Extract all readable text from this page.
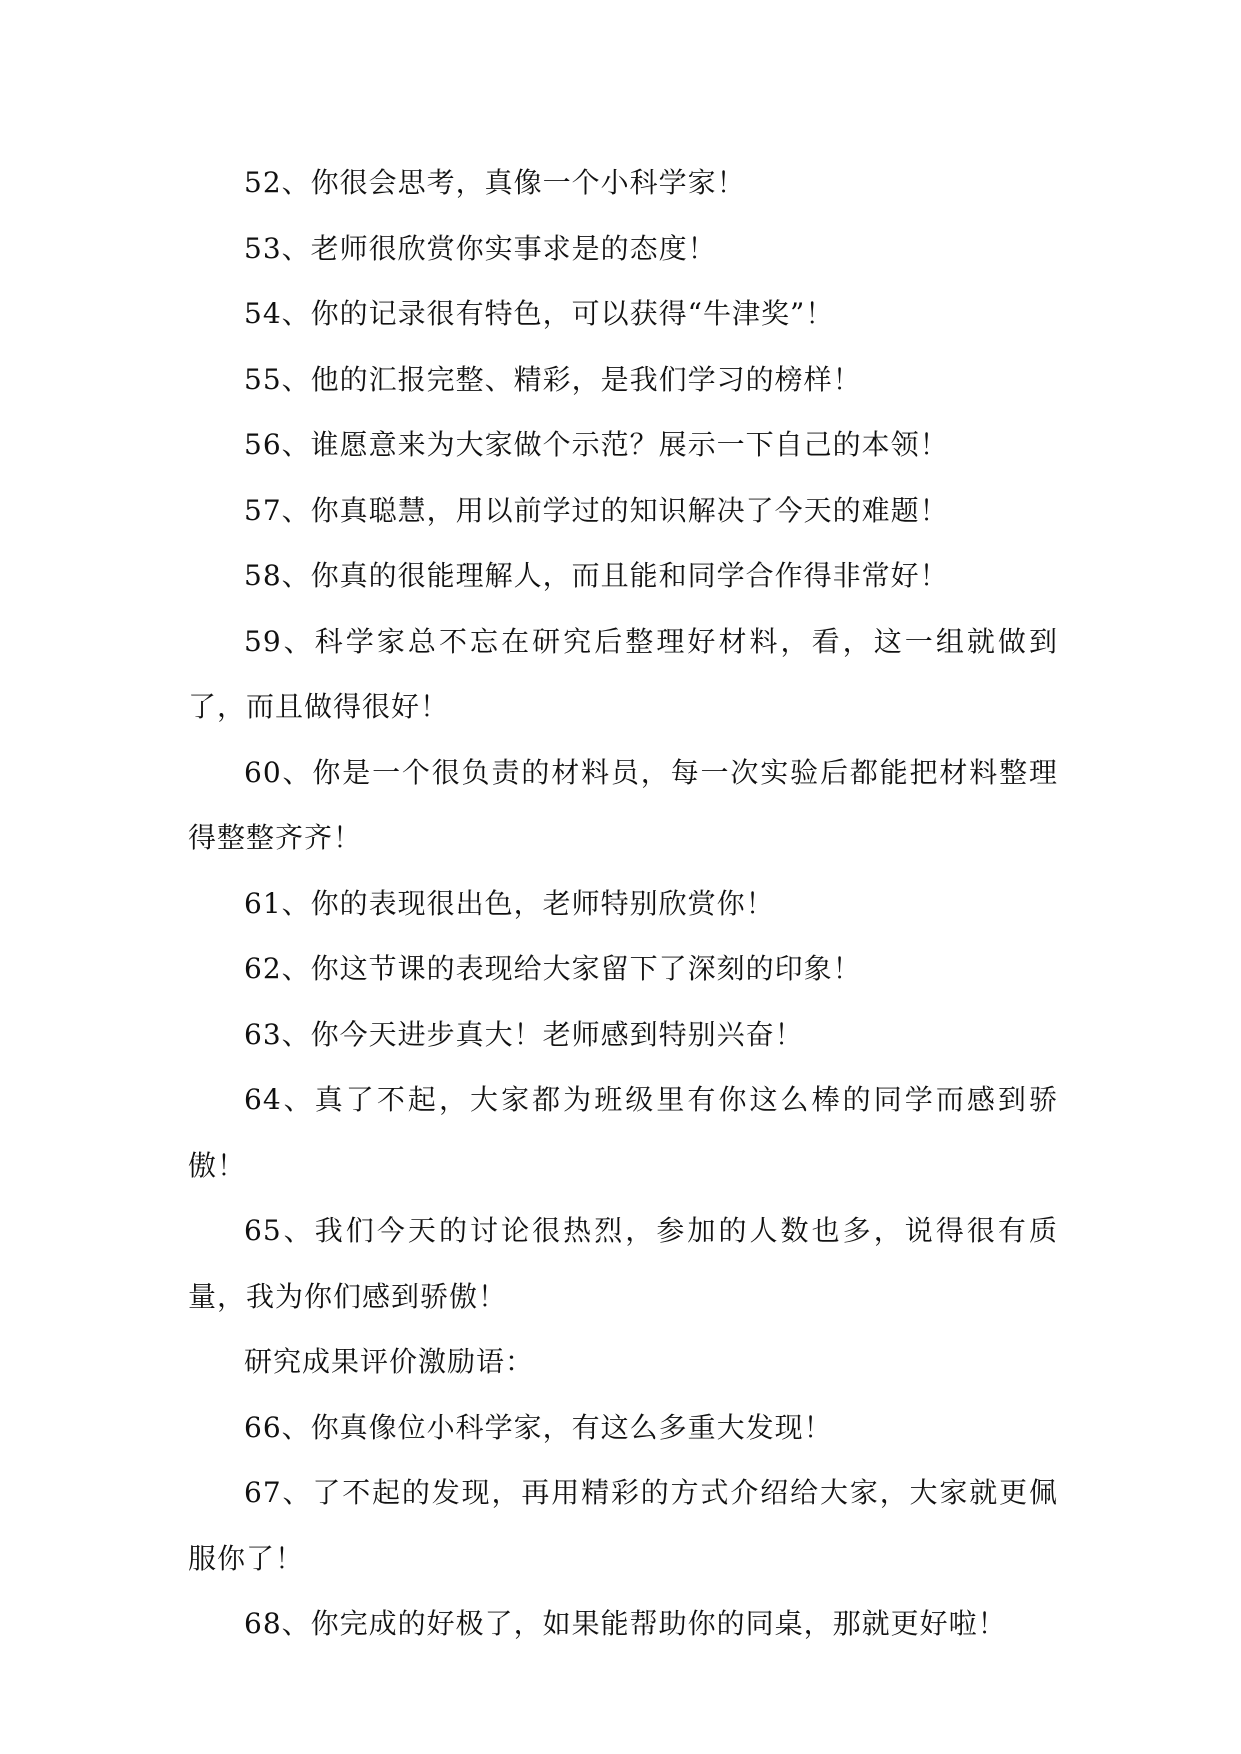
52、你很会思考，真像一个小科学家！

53、老师很欣赏你实事求是的态度！

54、你的记录很有特色，可以获得“牛津奖”！

55、他的汇报完整、精彩，是我们学习的榜样！

56、谁愿意来为大家做个示范？展示一下自己的本领！

57、你真聪慧，用以前学过的知识解决了今天的难题！

58、你真的很能理解人，而且能和同学合作得非常好！

59、科学家总不忘在研究后整理好材料，看，这一组就做到了，而且做得很好！

60、你是一个很负责的材料员，每一次实验后都能把材料整理得整整齐齐！

61、你的表现很出色，老师特别欣赏你！

62、你这节课的表现给大家留下了深刻的印象！

63、你今天进步真大！老师感到特别兴奋！

64、真了不起，大家都为班级里有你这么棒的同学而感到骄傲！

65、我们今天的讨论很热烈，参加的人数也多，说得很有质量，我为你们感到骄傲！

研究成果评价激励语：

66、你真像位小科学家，有这么多重大发现！

67、了不起的发现，再用精彩的方式介绍给大家，大家就更佩服你了！

68、你完成的好极了，如果能帮助你的同桌，那就更好啦！
